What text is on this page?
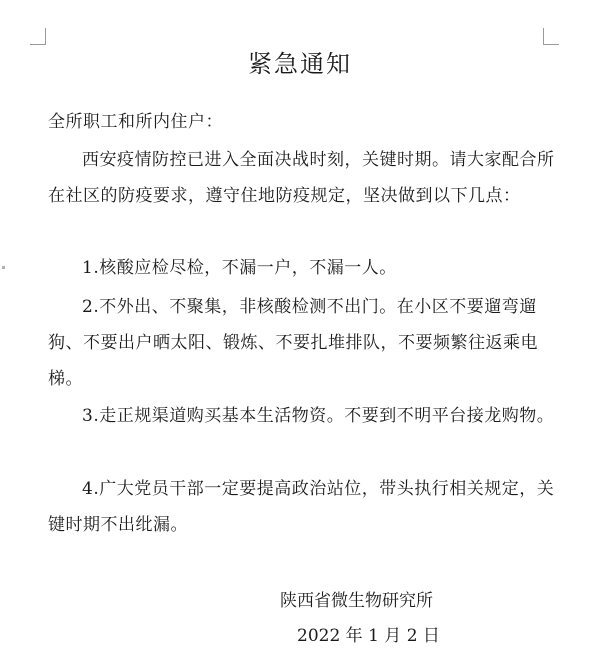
紧急通知
全所职工和所内住户：
西安疫情防控已进入全面决战时刻，关键时期。请大家配合所在社区的防疫要求，遵守住地防疫规定，坚决做到以下几点：
1.核酸应检尽检，不漏一户，不漏一人。
2.不外出、不聚集，非核酸检测不出门。在小区不要遛弯遛狗、不要出户晒太阳、锻炼、不要扎堆排队，不要频繁往返乘电梯。
3.走正规渠道购买基本生活物资。不要到不明平台接龙购物。
4.广大党员干部一定要提高政治站位，带头执行相关规定，关键时期不出纰漏。
陕西省微生物研究所
2022 年 1 月 2 日
